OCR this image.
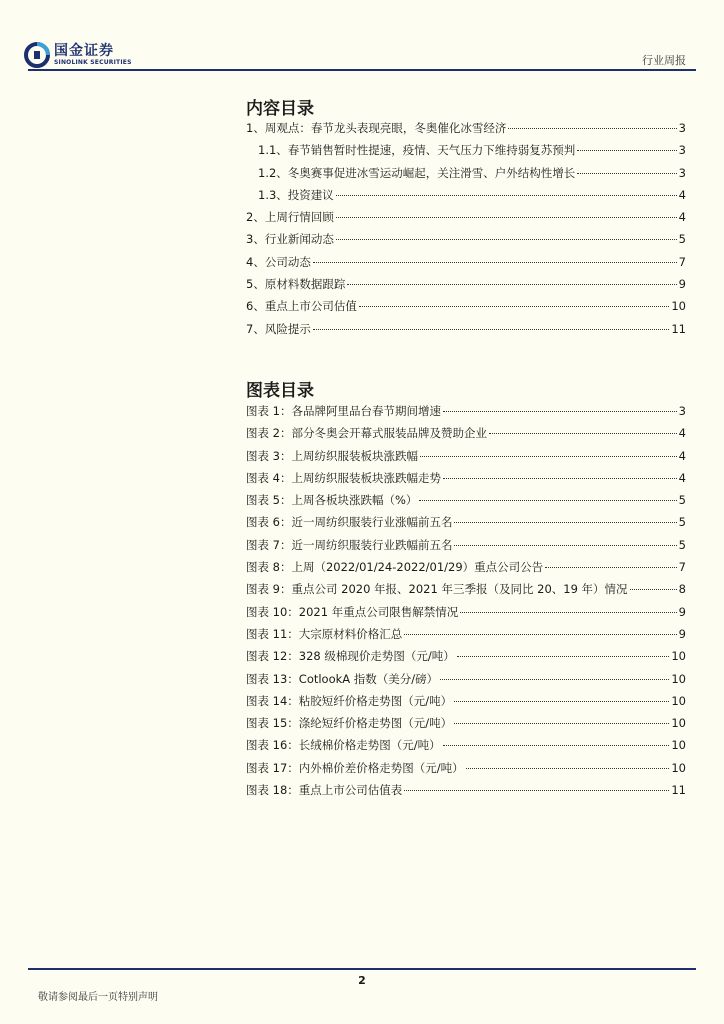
国金证券
SINOLINK SECURITIES	行业周报
内容目录
1、周观点：春节龙头表现亮眼，冬奥催化冰雪经济	3
1.1、春节销售暂时性提速，疫情、天气压力下维持弱复苏预判	3
1.2、冬奥赛事促进冰雪运动崛起，关注滑雪、户外结构性增长	3
1.3、投资建议	4
2、上周行情回顾	4
3、行业新闻动态	5
4、公司动态	7
5、原材料数据跟踪	9
6、重点上市公司估值	10
7、风险提示	11
图表目录
图表 1：各品牌阿里品台春节期间增速	3
图表 2：部分冬奥会开幕式服装品牌及赞助企业	4
图表 3：上周纺织服装板块涨跌幅	4
图表 4：上周纺织服装板块涨跌幅走势	4
图表 5：上周各板块涨跌幅（%）	5
图表 6：近一周纺织服装行业涨幅前五名	5
图表 7：近一周纺织服装行业跌幅前五名	5
图表 8：上周（2022/01/24-2022/01/29）重点公司公告	7
图表 9：重点公司 2020 年报、2021 年三季报（及同比 20、19 年）情况	8
图表 10：2021 年重点公司限售解禁情况	9
图表 11：大宗原材料价格汇总	9
图表 12：328 级棉现价走势图（元/吨）	10
图表 13：CotlookA 指数（美分/磅）	10
图表 14：粘胶短纤价格走势图（元/吨）	10
图表 15：涤纶短纤价格走势图（元/吨）	10
图表 16：长绒棉价格走势图（元/吨）	10
图表 17：内外棉价差价格走势图（元/吨）	10
图表 18：重点上市公司估值表	11
2
敬请参阅最后一页特别声明
